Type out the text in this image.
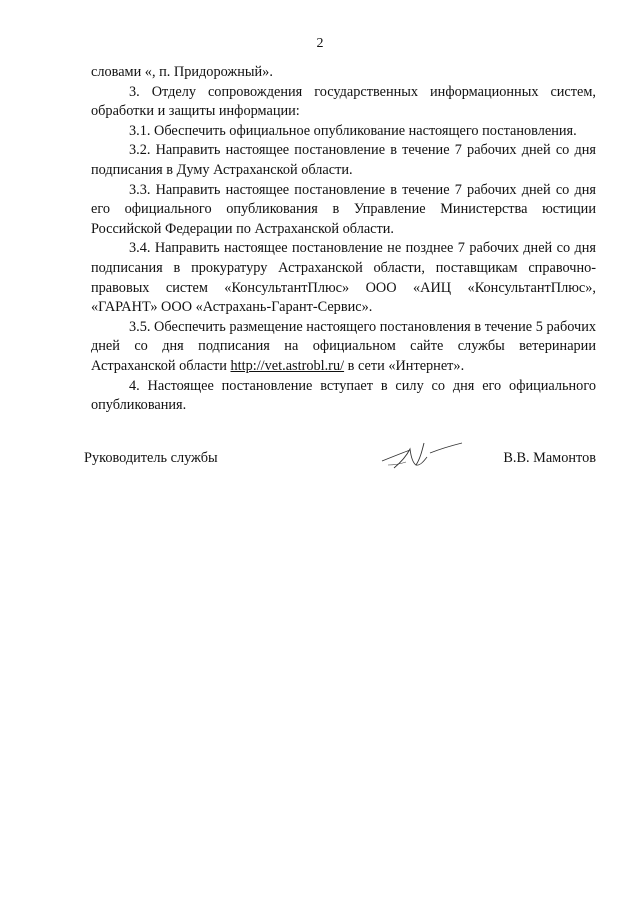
2

словами «, п. Придорожный».

3. Отделу сопровождения государственных информационных систем, обработки и защиты информации:

3.1. Обеспечить официальное опубликование настоящего постановления.

3.2. Направить настоящее постановление в течение 7 рабочих дней со дня подписания в Думу Астраханской области.

3.3. Направить настоящее постановление в течение 7 рабочих дней со дня его официального опубликования в Управление Министерства юстиции Российской Федерации по Астраханской области.

3.4. Направить настоящее постановление не позднее 7 рабочих дней со дня подписания в прокуратуру Астраханской области, поставщикам справочно-правовых систем «КонсультантПлюс» ООО «АИЦ «КонсультантПлюс», «ГАРАНТ» ООО «Астрахань-Гарант-Сервис».

3.5. Обеспечить размещение настоящего постановления в течение 5 рабочих дней со дня подписания на официальном сайте службы ветеринарии Астраханской области http://vet.astrobl.ru/ в сети «Интернет».

4. Настоящее постановление вступает в силу со дня его официального опубликования.

Руководитель службы	В.В. Мамонтов
